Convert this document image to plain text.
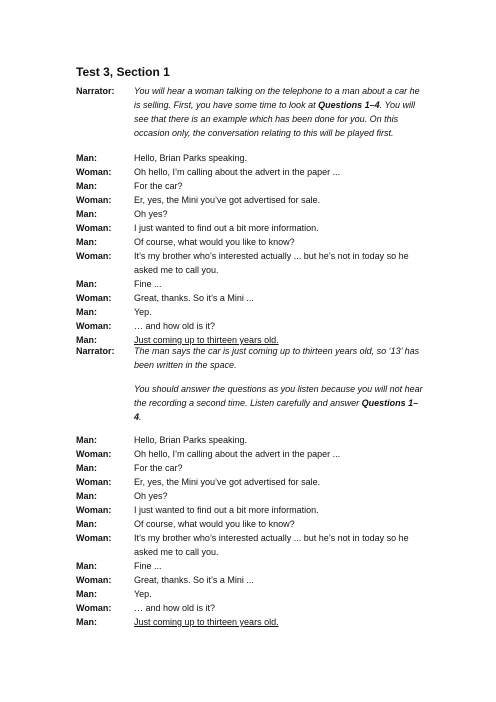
Test 3, Section 1
Narrator:	You will hear a woman talking on the telephone to a man about a car he is selling. First, you have some time to look at Questions 1–4. You will see that there is an example which has been done for you. On this occasion only, the conversation relating to this will be played first.
Man:	Hello, Brian Parks speaking.
Woman:	Oh hello, I’m calling about the advert in the paper ...
Man:	For the car?
Woman:	Er, yes, the Mini you’ve got advertised for sale.
Man:	Oh yes?
Woman:	I just wanted to find out a bit more information.
Man:	Of course, what would you like to know?
Woman:	It’s my brother who’s interested actually ... but he’s not in today so he asked me to call you.
Man:	Fine ...
Woman:	Great, thanks. So it’s a Mini ...
Man:	Yep.
Woman:	… and how old is it?
Man:	Just coming up to thirteen years old.
Narrator:	The man says the car is just coming up to thirteen years old, so ‘13’ has been written in the space.
You should answer the questions as you listen because you will not hear the recording a second time. Listen carefully and answer Questions 1–4.
Man:	Hello, Brian Parks speaking.
Woman:	Oh hello, I’m calling about the advert in the paper ...
Man:	For the car?
Woman:	Er, yes, the Mini you’ve got advertised for sale.
Man:	Oh yes?
Woman:	I just wanted to find out a bit more information.
Man:	Of course, what would you like to know?
Woman:	It’s my brother who’s interested actually ... but he’s not in today so he asked me to call you.
Man:	Fine ...
Woman:	Great, thanks. So it’s a Mini ...
Man:	Yep.
Woman:	… and how old is it?
Man:	Just coming up to thirteen years old.
